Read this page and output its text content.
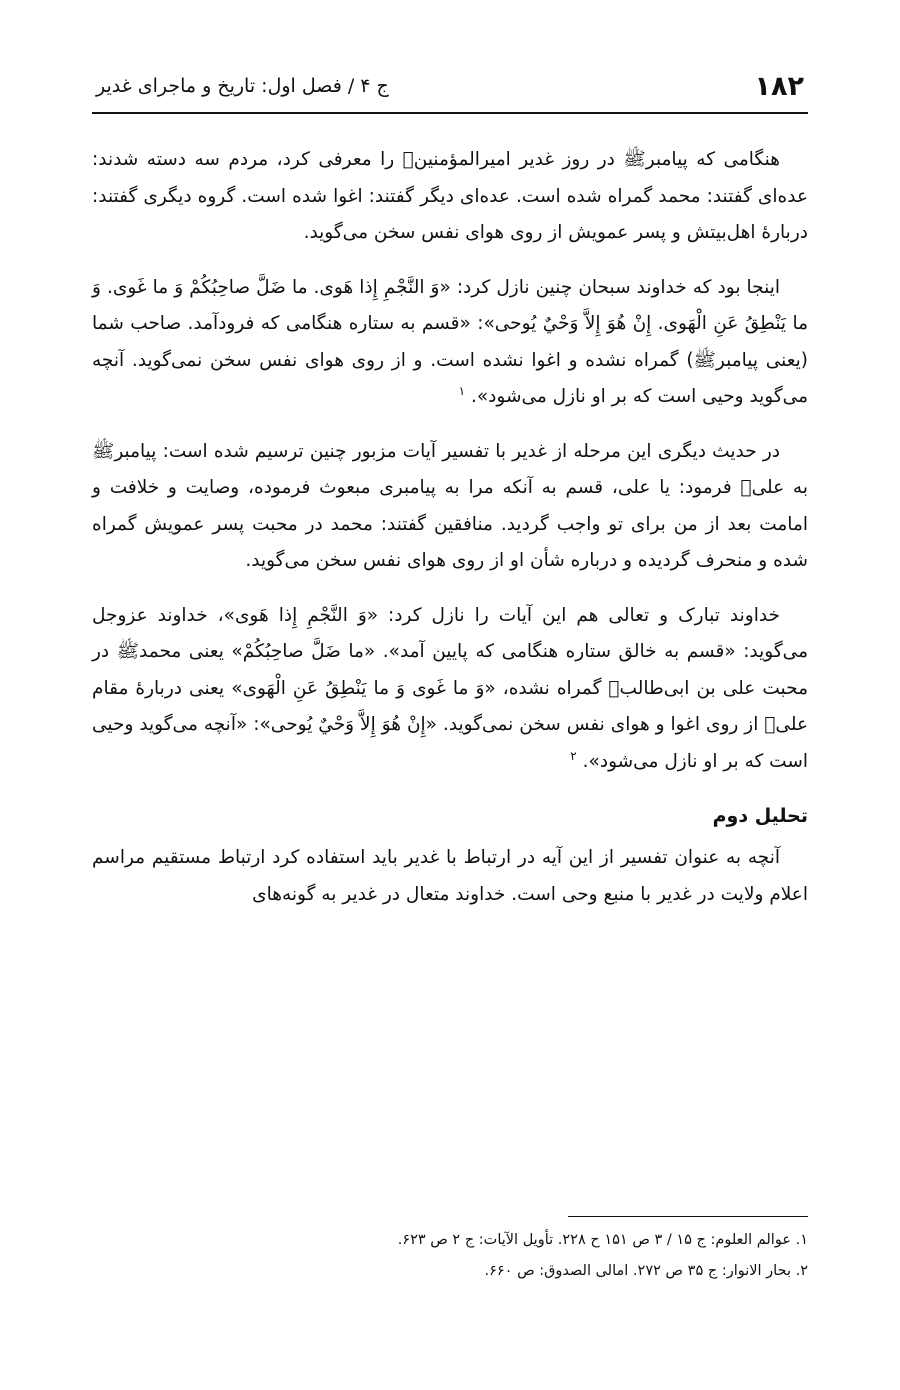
۱۸۲
ج ۴ / فصل اول: تاریخ و ماجرای غدیر

هنگامی که پیامبرﷺ در روز غدیر امیرالمؤمنین﷣ را معرفی کرد، مردم سه دسته شدند: عده‌ای گفتند: محمد گمراه شده است. عده‌ای دیگر گفتند: اغوا شده است. گروه دیگری گفتند: دربارهٔ اهل‌بیتش و پسر عمویش از روی هوای نفس سخن می‌گوید.

اینجا بود که خداوند سبحان چنین نازل کرد: «وَ النَّجْمِ إِذا هَوى. ما ضَلَّ صاحِبُكُمْ وَ ما غَوى. وَ ما يَنْطِقُ عَنِ الْهَوى. إِنْ هُوَ إِلاَّ وَحْيٌ يُوحى»: «قسم به ستاره هنگامی که فرودآمد. صاحب شما (یعنی پیامبرﷺ) گمراه نشده و اغوا نشده است. و از روی هوای نفس سخن نمی‌گوید. آنچه می‌گوید وحیی است که بر او نازل می‌شود». $^۱$

در حدیث دیگری این مرحله از غدیر با تفسیر آیات مزبور چنین ترسیم شده است: پیامبرﷺ به علی﷣ فرمود: یا علی، قسم به آنکه مرا به پیامبری مبعوث فرموده، وصایت و خلافت و امامت بعد از من برای تو واجب گردید. منافقین گفتند: محمد در محبت پسر عمویش گمراه شده و منحرف گردیده و درباره شأن او از روی هوای نفس سخن می‌گوید.

خداوند تبارک و تعالی هم این آیات را نازل کرد: «وَ النَّجْمِ إِذا هَوى»، خداوند عزوجل می‌گوید: «قسم به خالق ستاره هنگامی که پایین آمد». «ما ضَلَّ صاحِبُكُمْ» یعنی محمدﷺ در محبت علی بن ابی‌طالب﷣ گمراه نشده، «وَ ما غَوى وَ ما يَنْطِقُ عَنِ الْهَوى» یعنی دربارهٔ مقام علی﷣ از روی اغوا و هوای نفس سخن نمی‌گوید. «إِنْ هُوَ إِلاَّ وَحْيٌ يُوحى»: «آنچه می‌گوید وحیی است که بر او نازل می‌شود». $^۲$

تحلیل دوم

آنچه به عنوان تفسیر از این آیه در ارتباط با غدیر باید استفاده کرد ارتباط مستقیم مراسم اعلام ولایت در غدیر با منبع وحی است. خداوند متعال در غدیر به گونه‌های

۱. عوالم العلوم: ج ۱۵ / ۳ ص ۱۵۱ ح ۲۲۸. تأویل الآیات: ج ۲ ص ۶۲۳.

۲. بحار الانوار: ج ۳۵ ص ۲۷۲. امالی الصدوق: ص ۶۶۰.
